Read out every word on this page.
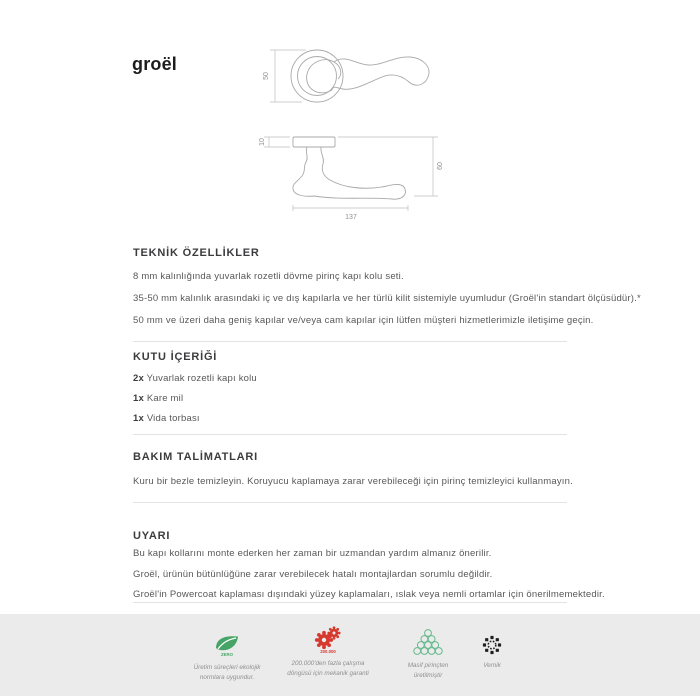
groël
50
10
60
137
TEKNİK ÖZELLİKLER
8 mm kalınlığında yuvarlak rozetli dövme pirinç kapı kolu seti.
35-50 mm kalınlık arasındaki iç ve dış kapılarla ve her türlü kilit sistemiyle uyumludur (Groël'in standart ölçüsüdür).*
50 mm ve üzeri daha geniş kapılar ve/veya cam kapılar için lütfen müşteri hizmetlerimizle iletişime geçin.
KUTU İÇERİĞİ
2x Yuvarlak rozetli kapı kolu
1x Kare mil
1x Vida torbası
BAKIM TALİMATLARI
Kuru bir bezle temizleyin. Koruyucu kaplamaya zarar verebileceği için pirinç temizleyici kullanmayın.
UYARI
Bu kapı kollarını monte ederken her zaman bir uzmandan yardım almanız önerilir.
Groël, ürünün bütünlüğüne zarar verebilecek hatalı montajlardan sorumlu değildir.
Groël'in Powercoat kaplaması dışındaki yüzey kaplamaları, ıslak veya nemli ortamlar için önerilmemektedir.
ZERO
Üretim süreçleri ekolojik normlara uygundur.
200.000
200.000'den fazla çalışma döngüsü için mekanik garanti
Masif pirinçten üretilmiştir
Vernik
